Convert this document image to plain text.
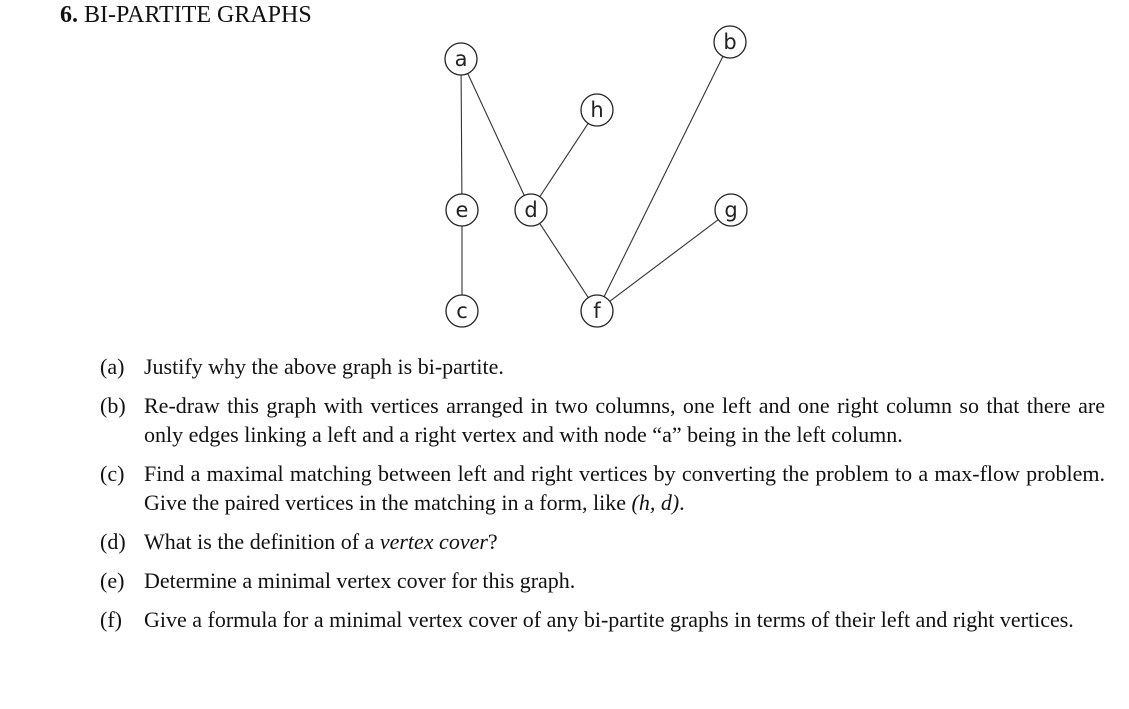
6. BI-PARTITE GRAPHS
a
b
h
e	d	g
c	f
(a) Justify why the above graph is bi-partite.
(b) Re-draw this graph with vertices arranged in two columns, one left and one right column so that there are only edges linking a left and a right vertex and with node “a” being in the left column.
(c) Find a maximal matching between left and right vertices by converting the problem to a max-flow problem. Give the paired vertices in the matching in a form, like (h, d).
(d) What is the definition of a vertex cover?
(e) Determine a minimal vertex cover for this graph.
(f)	Give a formula for a minimal vertex cover of any bi-partite graphs in terms of their left and right vertices.
